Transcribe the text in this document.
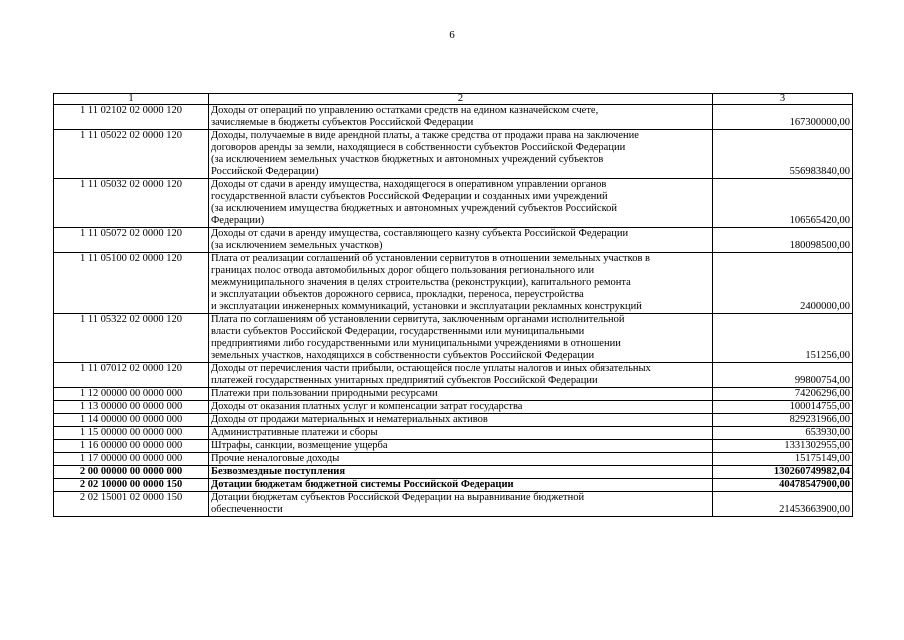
6
1	2	3
1 11 02102 02 0000 120	Доходы от операций по управлению остатками средств на едином казначейском счете,
зачисляемые в бюджеты субъектов Российской Федерации	167300000,00
1 11 05022 02 0000 120	Доходы, получаемые в виде арендной платы, а также средства от продажи права на заключение
договоров аренды за земли, находящиеся в собственности субъектов Российской Федерации
(за исключением земельных участков бюджетных и автономных учреждений субъектов
Российской Федерации)	556983840,00
1 11 05032 02 0000 120	Доходы от сдачи в аренду имущества, находящегося в оперативном управлении органов
государственной власти субъектов Российской Федерации и созданных ими учреждений
(за исключением имущества бюджетных и автономных учреждений субъектов Российской
Федерации)	106565420,00
1 11 05072 02 0000 120	Доходы от сдачи в аренду имущества, составляющего казну субъекта Российской Федерации
(за исключением земельных участков)	180098500,00
1 11 05100 02 0000 120	Плата от реализации соглашений об установлении сервитутов в отношении земельных участков в
границах полос отвода автомобильных дорог общего пользования регионального или
межмуниципального значения в целях строительства (реконструкции), капитального ремонта
и эксплуатации объектов дорожного сервиса, прокладки, переноса, переустройства
и эксплуатации инженерных коммуникаций, установки и эксплуатации рекламных конструкций	2400000,00
1 11 05322 02 0000 120	Плата по соглашениям об установлении сервитута, заключенным органами исполнительной
власти субъектов Российской Федерации, государственными или муниципальными
предприятиями либо государственными или муниципальными учреждениями в отношении
земельных участков, находящихся в собственности субъектов Российской Федерации	151256,00
1 11 07012 02 0000 120	Доходы от перечисления части прибыли, остающейся после уплаты налогов и иных обязательных
платежей государственных унитарных предприятий субъектов Российской Федерации	99800754,00
1 12 00000 00 0000 000	Платежи при пользовании природными ресурсами	74206296,00
1 13 00000 00 0000 000	Доходы от оказания платных услуг и компенсации затрат государства	100014755,00
1 14 00000 00 0000 000	Доходы от продажи материальных и нематериальных активов	829231966,00
1 15 00000 00 0000 000	Административные платежи и сборы	653930,00
1 16 00000 00 0000 000	Штрафы, санкции, возмещение ущерба	1331302955,00
1 17 00000 00 0000 000	Прочие неналоговые доходы	15175149,00
2 00 00000 00 0000 000	Безвозмездные поступления	130260749982,04
2 02 10000 00 0000 150	Дотации бюджетам бюджетной системы Российской Федерации	40478547900,00
2 02 15001 02 0000 150	Дотации бюджетам субъектов Российской Федерации на выравнивание бюджетной
обеспеченности	21453663900,00
